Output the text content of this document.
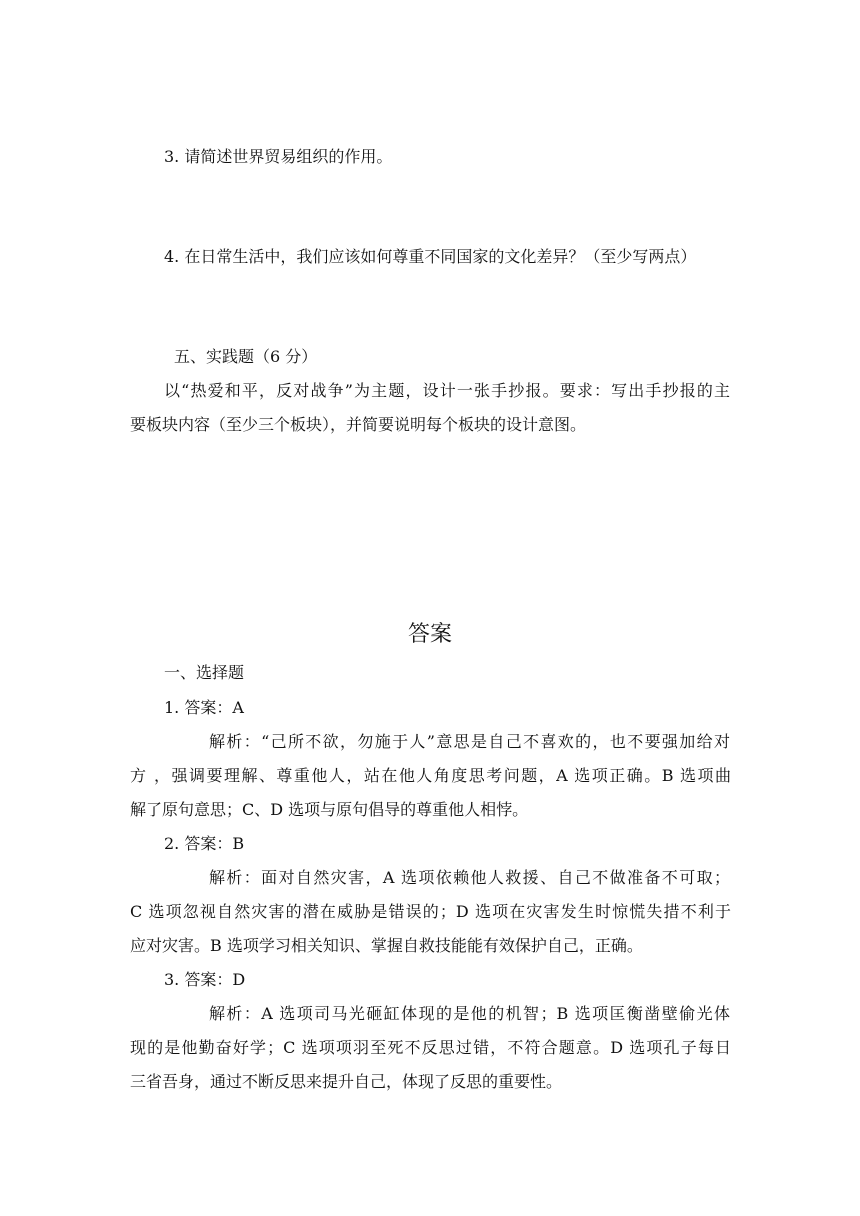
3. 请简述世界贸易组织的作用。
4. 在日常生活中，我们应该如何尊重不同国家的文化差异？（至少写两点）
五、实践题（6 分）
以“热爱和平，反对战争”为主题，设计一张手抄报。要求：写出手抄报的主
要板块内容（至少三个板块），并简要说明每个板块的设计意图。
答案
一、选择题
1. 答案：A
解析：“己所不欲，勿施于人”意思是自己不喜欢的，也不要强加给对
方 ，强调要理解、尊重他人，站在他人角度思考问题，A 选项正确。B 选项曲
解了原句意思；C、D 选项与原句倡导的尊重他人相悖。
2. 答案：B
解析：面对自然灾害，A 选项依赖他人救援、自己不做准备不可取；
C 选项忽视自然灾害的潜在威胁是错误的；D 选项在灾害发生时惊慌失措不利于
应对灾害。B 选项学习相关知识、掌握自救技能能有效保护自己，正确。
3. 答案：D
解析：A 选项司马光砸缸体现的是他的机智；B 选项匡衡凿壁偷光体
现的是他勤奋好学；C 选项项羽至死不反思过错，不符合题意。D 选项孔子每日
三省吾身，通过不断反思来提升自己，体现了反思的重要性。
